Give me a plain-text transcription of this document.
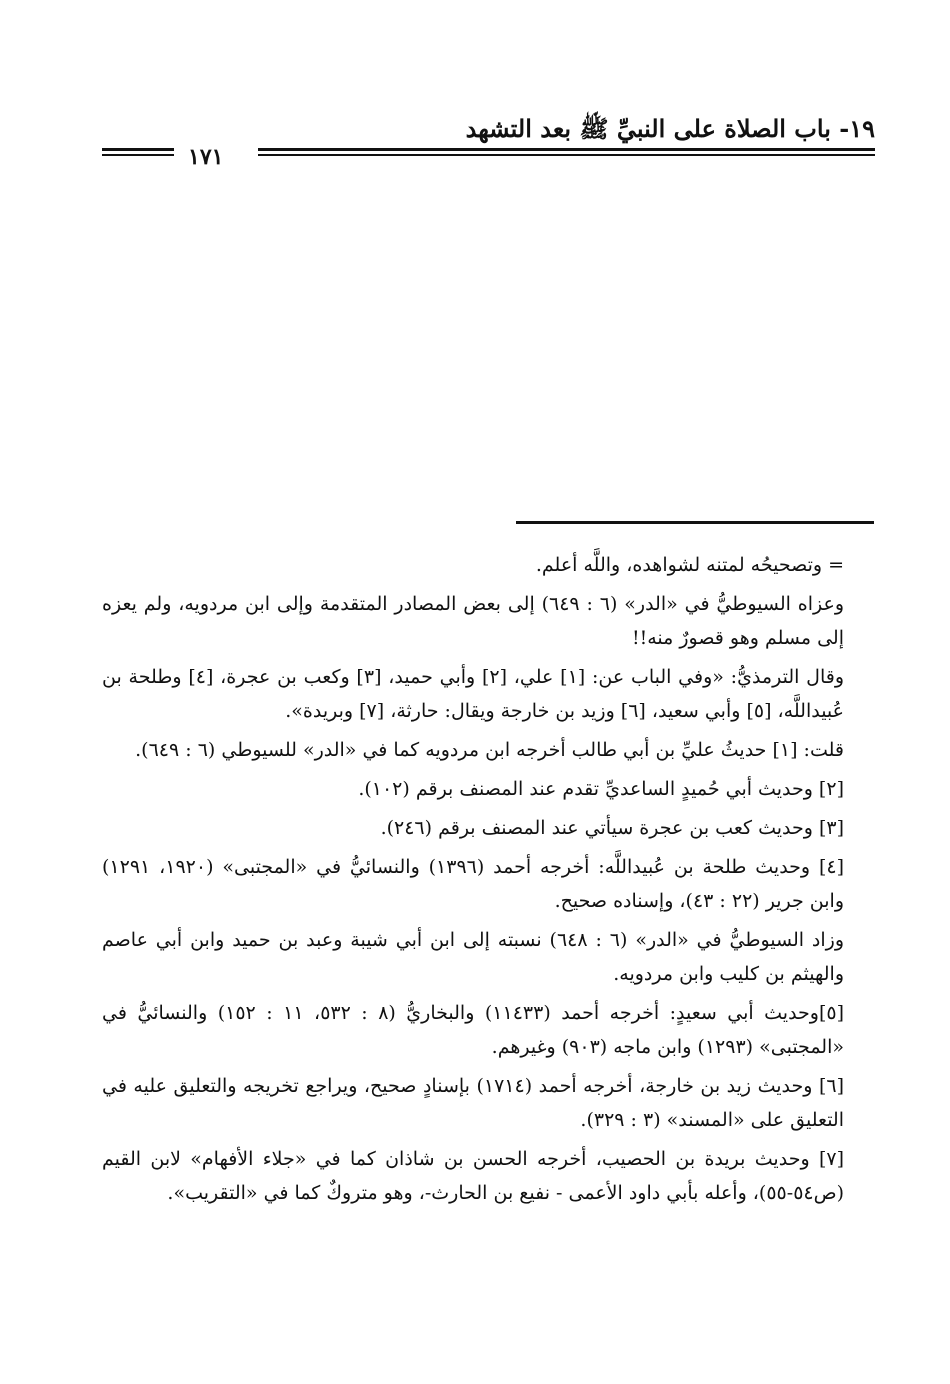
١٩- باب الصلاة على النبيِّ ﷺ بعد التشهد
١٧١

= وتصحيحُه لمتنه لشواهده، واللَّه أعلم.

وعزاه السيوطيُّ في «الدر» (٦ : ٦٤٩) إلى بعض المصادر المتقدمة وإلى ابن مردويه، ولم يعزه إلى مسلم وهو قصورٌ منه!!

وقال الترمذيُّ: «وفي الباب عن: [١] علي، [٢] وأبي حميد، [٣] وكعب بن عجرة، [٤] وطلحة بن عُبيداللَّه، [٥] وأبي سعيد، [٦] وزيد بن خارجة ويقال: حارثة، [٧] وبريدة».

قلت: [١] حديثُ عليِّ بن أبي طالب أخرجه ابن مردويه كما في «الدر» للسيوطي (٦ : ٦٤٩).

[٢] وحديث أبي حُميدٍ الساعديِّ تقدم عند المصنف برقم (١٠٢).

[٣] وحديث كعب بن عجرة سيأتي عند المصنف برقم (٢٤٦).

[٤] وحديث طلحة بن عُبيداللَّه: أخرجه أحمد (١٣٩٦) والنسائيُّ في «المجتبى» (١٩٢٠، ١٢٩١) وابن جرير (٢٢ : ٤٣)، وإسناده صحيح.

وزاد السيوطيُّ في «الدر» (٦ : ٦٤٨) نسبته إلى ابن أبي شيبة وعبد بن حميد وابن أبي عاصم والهيثم بن كليب وابن مردويه.

[٥]وحديث أبي سعيدٍ: أخرجه أحمد (١١٤٣٣) والبخاريُّ (٨ : ٥٣٢، ١١ : ١٥٢) والنسائيُّ في «المجتبى» (١٢٩٣) وابن ماجه (٩٠٣) وغيرهم.

[٦] وحديث زيد بن خارجة، أخرجه أحمد (١٧١٤) بإسنادٍ صحيح، ويراجع تخريجه والتعليق عليه في التعليق على «المسند» (٣ : ٣٢٩).

[٧] وحديث بريدة بن الحصيب، أخرجه الحسن بن شاذان كما في «جلاء الأفهام» لابن القيم (ص٥٤-٥٥)، وأعله بأبي داود الأعمى - نفيع بن الحارث-، وهو متروكٌ كما في «التقريب».
